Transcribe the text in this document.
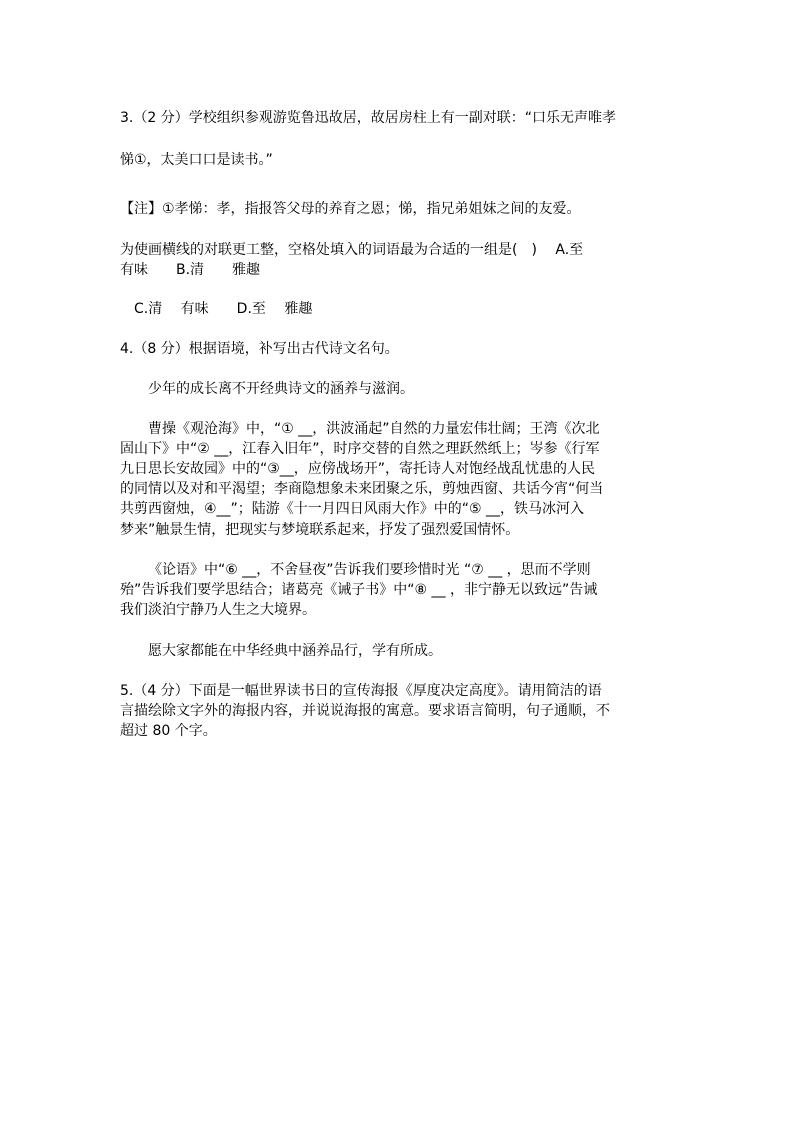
3.（2 分）学校组织参观游览鲁迅故居，故居房柱上有一副对联：“口乐无声唯孝
悌①，太美口口是读书。”
【注】①孝悌：孝，指报答父母的养育之恩；悌，指兄弟姐妹之间的友爱。
为使画横线的对联更工整，空格处填入的词语最为合适的一组是(　)　 A.至
有味　　B.清　　雅趣
　C.清　 有味　　D.至　 雅趣
4.（8 分）根据语境，补写出古代诗文名句。
少年的成长离不开经典诗文的涵养与滋润。
曹操《观沧海》中，“① __，洪波涌起”自然的力量宏伟壮阔；王湾《次北
固山下》中“② __，江春入旧年”，时序交替的自然之理跃然纸上；岑参《行军
九日思长安故园》中的“③__，应傍战场开”，寄托诗人对饱经战乱忧患的人民
的同情以及对和平渴望；李商隐想象未来团聚之乐，剪烛西窗、共话今宵“何当
共剪西窗烛，④__”；陆游《十一月四日风雨大作》中的“⑤ __，铁马冰河入
梦来”触景生情，把现实与梦境联系起来，抒发了强烈爱国情怀。
《论语》中“⑥ __，不舍昼夜”告诉我们要珍惜时光 “⑦ __ ，思而不学则
殆”告诉我们要学思结合；诸葛亮《诫子书》中“⑧ __ ，非宁静无以致远”告诫
我们淡泊宁静乃人生之大境界。
愿大家都能在中华经典中涵养品行，学有所成。
5.（4 分）下面是一幅世界读书日的宣传海报《厚度决定高度》。请用简洁的语
言描绘除文字外的海报内容，并说说海报的寓意。要求语言简明，句子通顺，不
超过 80 个字。
